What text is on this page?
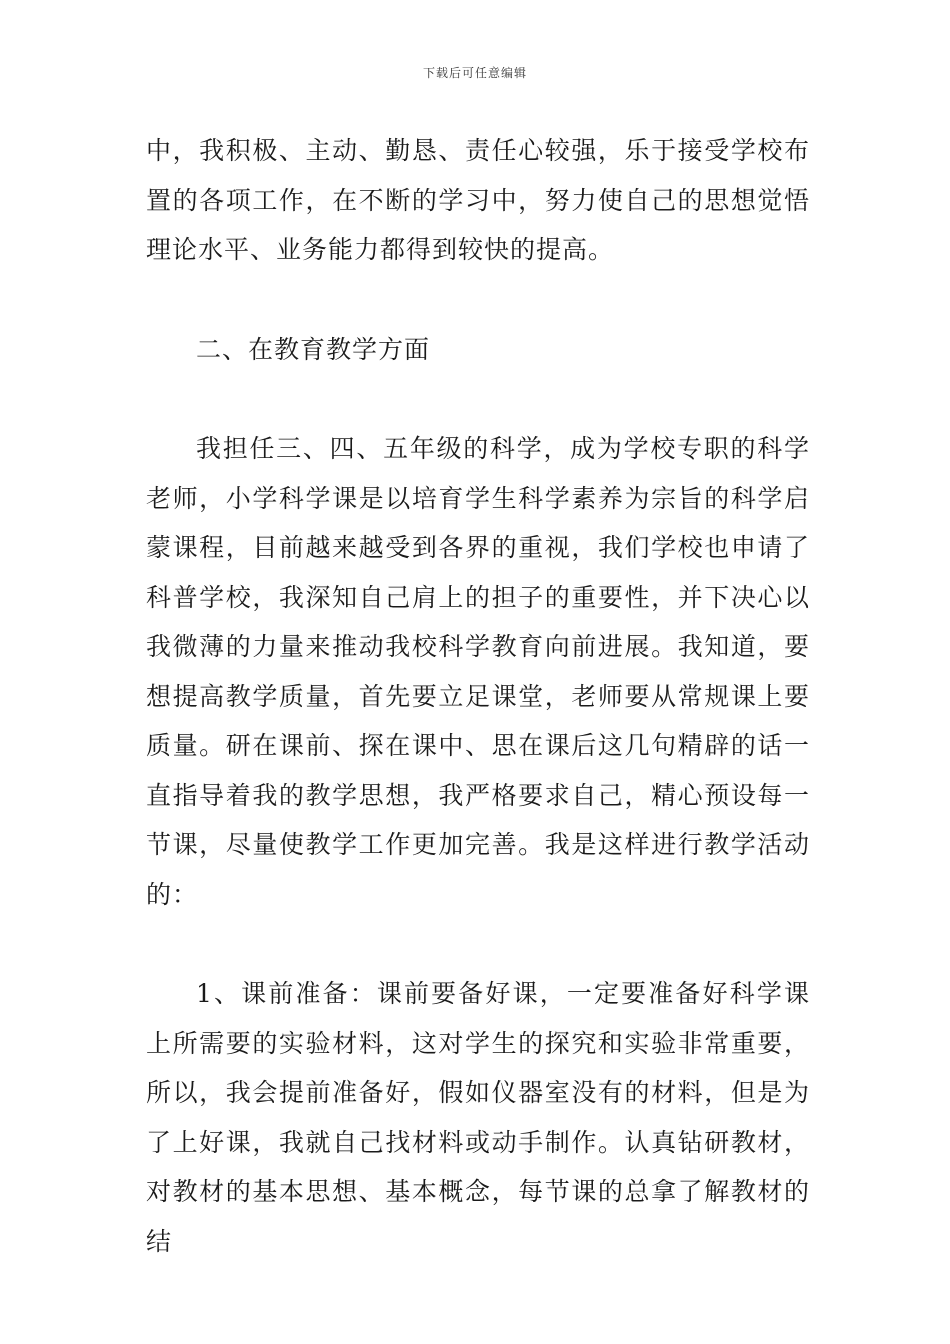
下载后可任意编辑

中，我积极、主动、勤恳、责任心较强，乐于接受学校布置的各项工作，在不断的学习中，努力使自己的思想觉悟理论水平、业务能力都得到较快的提高。

二、在教育教学方面

我担任三、四、五年级的科学，成为学校专职的科学老师，小学科学课是以培育学生科学素养为宗旨的科学启蒙课程，目前越来越受到各界的重视，我们学校也申请了科普学校，我深知自己肩上的担子的重要性，并下决心以我微薄的力量来推动我校科学教育向前进展。我知道，要想提高教学质量，首先要立足课堂，老师要从常规课上要质量。研在课前、探在课中、思在课后这几句精辟的话一直指导着我的教学思想，我严格要求自己，精心预设每一节课，尽量使教学工作更加完善。我是这样进行教学活动的：

1、课前准备：课前要备好课，一定要准备好科学课上所需要的实验材料，这对学生的探究和实验非常重要，所以，我会提前准备好，假如仪器室没有的材料，但是为了上好课，我就自己找材料或动手制作。认真钻研教材，对教材的基本思想、基本概念，每节课的总拿了解教材的结
